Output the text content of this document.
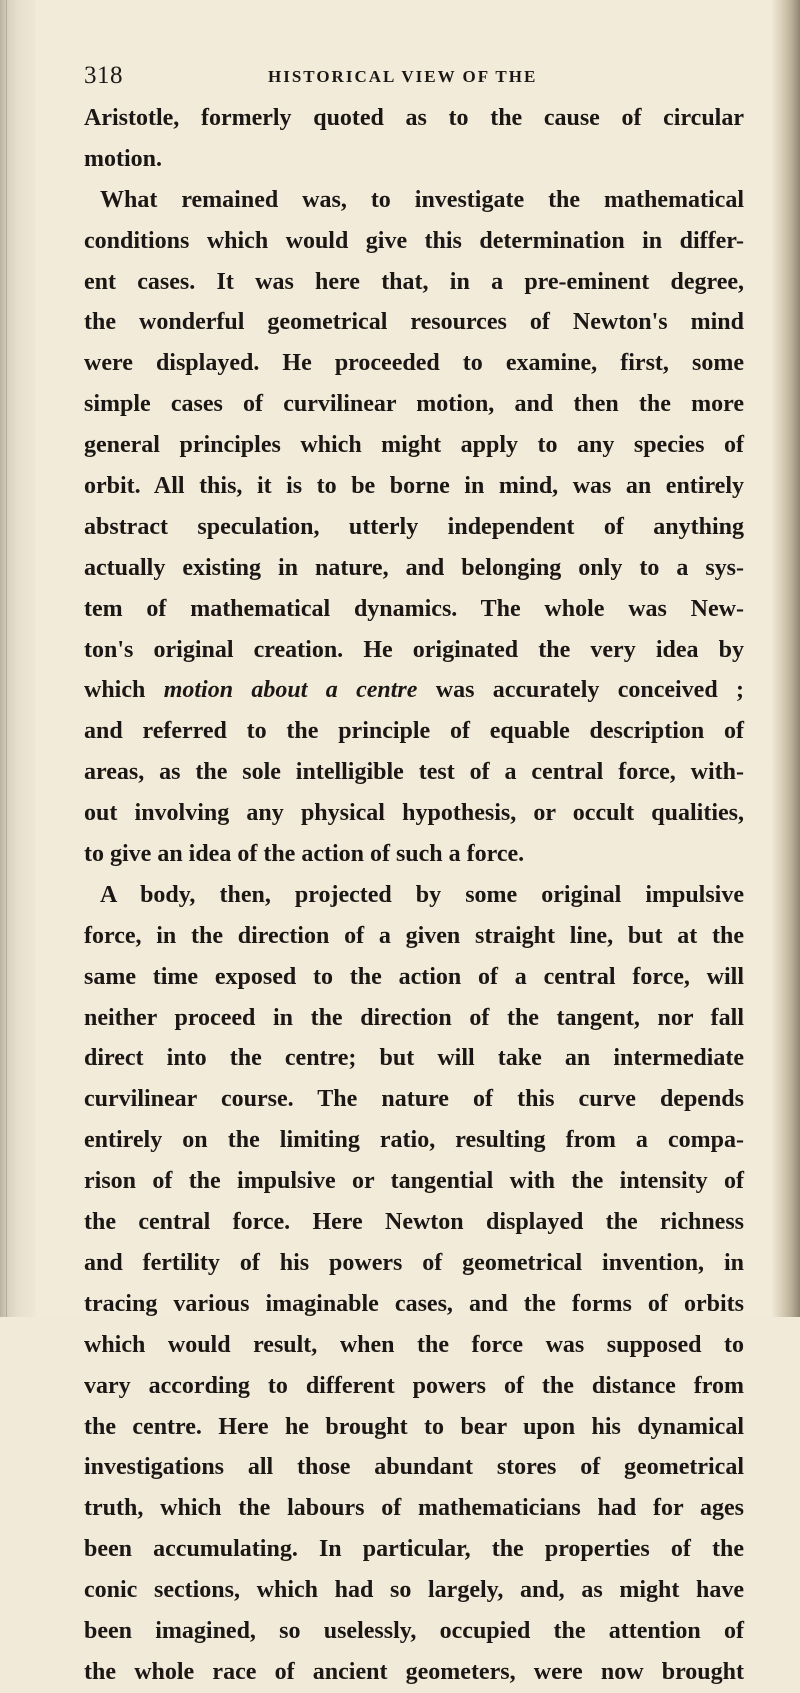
318	HISTORICAL VIEW OF THE
Aristotle, formerly quoted as to the cause of circular
motion.
What remained was, to investigate the mathematical
conditions which would give this determination in differ-
ent cases. It was here that, in a pre-eminent degree,
the wonderful geometrical resources of Newton's mind
were displayed. He proceeded to examine, first, some
simple cases of curvilinear motion, and then the more
general principles which might apply to any species of
orbit. All this, it is to be borne in mind, was an entirely
abstract speculation, utterly independent of anything
actually existing in nature, and belonging only to a sys-
tem of mathematical dynamics. The whole was New-
ton's original creation. He originated the very idea by
which motion about a centre was accurately conceived ;
and referred to the principle of equable description of
areas, as the sole intelligible test of a central force, with-
out involving any physical hypothesis, or occult qualities,
to give an idea of the action of such a force.
A body, then, projected by some original impulsive
force, in the direction of a given straight line, but at the
same time exposed to the action of a central force, will
neither proceed in the direction of the tangent, nor fall
direct into the centre; but will take an intermediate
curvilinear course. The nature of this curve depends
entirely on the limiting ratio, resulting from a compa-
rison of the impulsive or tangential with the intensity of
the central force. Here Newton displayed the richness
and fertility of his powers of geometrical invention, in
tracing various imaginable cases, and the forms of orbits
which would result, when the force was supposed to
vary according to different powers of the distance from
the centre. Here he brought to bear upon his dynamical
investigations all those abundant stores of geometrical
truth, which the labours of mathematicians had for ages
been accumulating. In particular, the properties of the
conic sections, which had so largely, and, as might have
been imagined, so uselessly, occupied the attention of
the whole race of ancient geometers, were now brought
